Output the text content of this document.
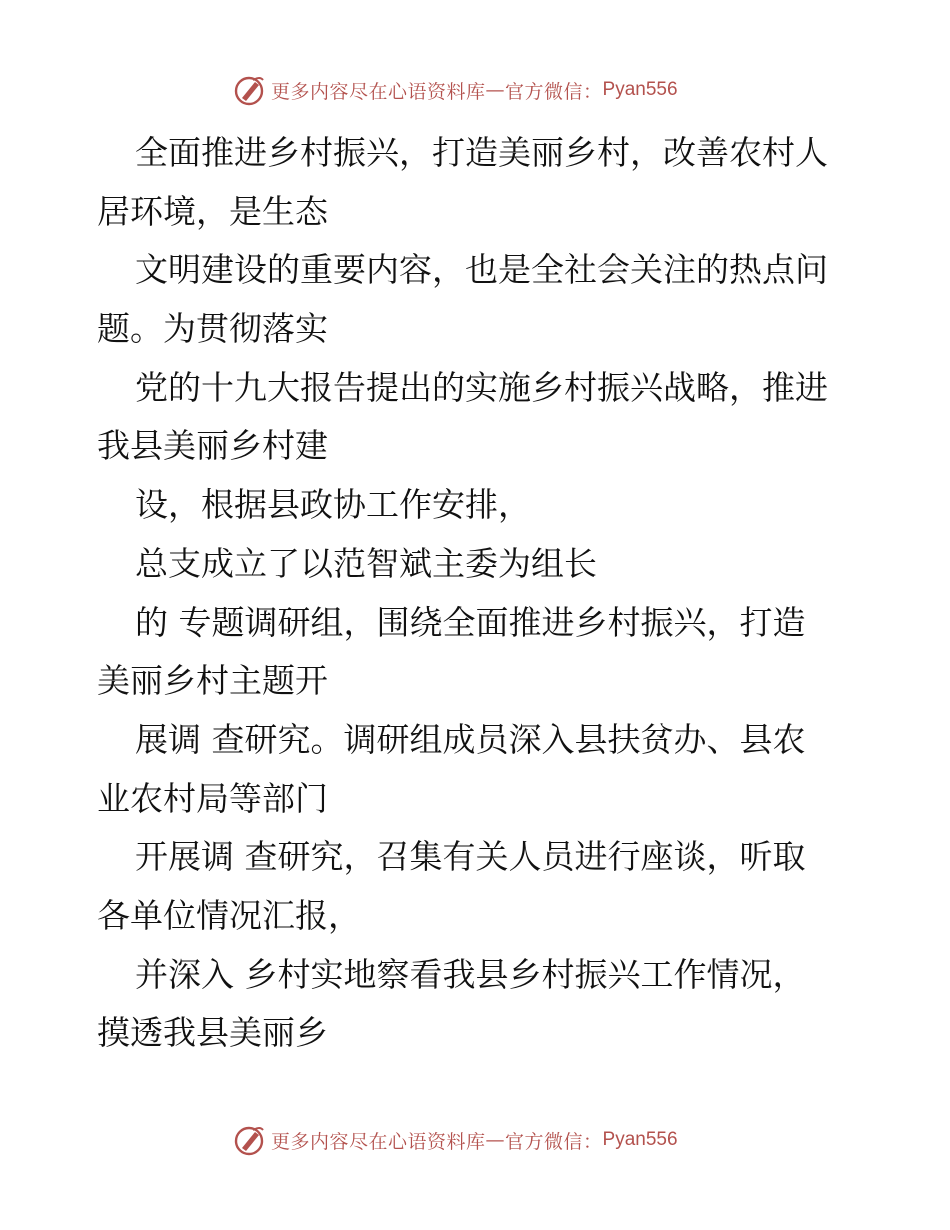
更多内容尽在心语资料库 — 官方微信： Pyan556
全面推进乡村振兴，打造美丽乡村，改善农村人
居环境，是生态
文明建设的重要内容，也是全社会关注的热点问
题。为贯彻落实
党的十九大报告提出的实施乡村振兴战略，推进
我县美丽乡村建
设，根据县政协工作安排，
总支成立了以范智斌主委为组长
的 专题调研组，围绕全面推进乡村振兴，打造
美丽乡村主题开
展调 查研究。调研组成员深入县扶贫办、县农
业农村局等部门
开展调 查研究，召集有关人员进行座谈，听取
各单位情况汇报，
并深入 乡村实地察看我县乡村振兴工作情况，
摸透我县美丽乡
更多内容尽在心语资料库 — 官方微信： Pyan556
